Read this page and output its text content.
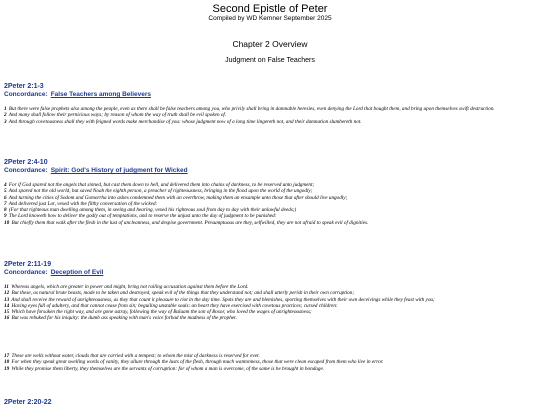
Second Epistle of Peter
Compiled by WD Kemner September 2025
Chapter 2 Overview
Judgment on False Teachers
2Peter 2:1-3
Concordance: False Teachers among Believers
1 But there were false prophets also among the people, even as there shall be false teachers among you, who privily shall bring in damnable heresies, even denying the Lord that bought them, and bring upon themselves swift destruction.
2 And many shall follow their pernicious ways; by reason of whom the way of truth shall be evil spoken of.
3 And through covetousness shall they with feigned words make merchandise of you: whose judgment now of a long time lingereth not, and their damnation slumbereth not.
2Peter 2:4-10
Concordance: Spirit: God's History of judgment for Wicked
4 For if God spared not the angels that sinned, but cast them down to hell, and delivered them into chains of darkness, to be reserved unto judgment;
5 And spared not the old world, but saved Noah the eighth person, a preacher of righteousness, bringing in the flood upon the world of the ungodly;
6 And turning the cities of Sodom and Gomorrha into ashes condemned them with an overthrow, making them an ensample unto those that after should live ungodly;
7 And delivered just Lot, vexed with the filthy conversation of the wicked:
8 (For that righteous man dwelling among them, in seeing and hearing, vexed his righteous soul from day to day with their unlawful deeds;)
9 The Lord knoweth how to deliver the godly out of temptations, and to reserve the unjust unto the day of judgment to be punished:
10 But chiefly them that walk after the flesh in the lust of uncleanness, and despise government. Presumptuous are they, selfwilled, they are not afraid to speak evil of dignities.
2Peter 2:11-19
Concordance: Deception of Evil
11 Whereas angels, which are greater in power and might, bring not railing accusation against them before the Lord.
12 But these, as natural brute beasts, made to be taken and destroyed, speak evil of the things that they understand not; and shall utterly perish in their own corruption;
13 And shall receive the reward of unrighteousness, as they that count it pleasure to riot in the day time. Spots they are and blemishes, sporting themselves with their own deceivings while they feast with you;
14 Having eyes full of adultery, and that cannot cease from sin; beguiling unstable souls: an heart they have exercised with covetous practices; cursed children:
15 Which have forsaken the right way, and are gone astray, following the way of Balaam the son of Bosor, who loved the wages of unrighteousness;
16 But was rebuked for his iniquity: the dumb ass speaking with man's voice forbad the madness of the prophet.
17 These are wells without water, clouds that are carried with a tempest; to whom the mist of darkness is reserved for ever.
18 For when they speak great swelling words of vanity, they allure through the lusts of the flesh, through much wantonness, those that were clean escaped from them who live in error.
19 While they promise them liberty, they themselves are the servants of corruption: for of whom a man is overcome, of the same is he brought in bondage.
2Peter 2:20-22
